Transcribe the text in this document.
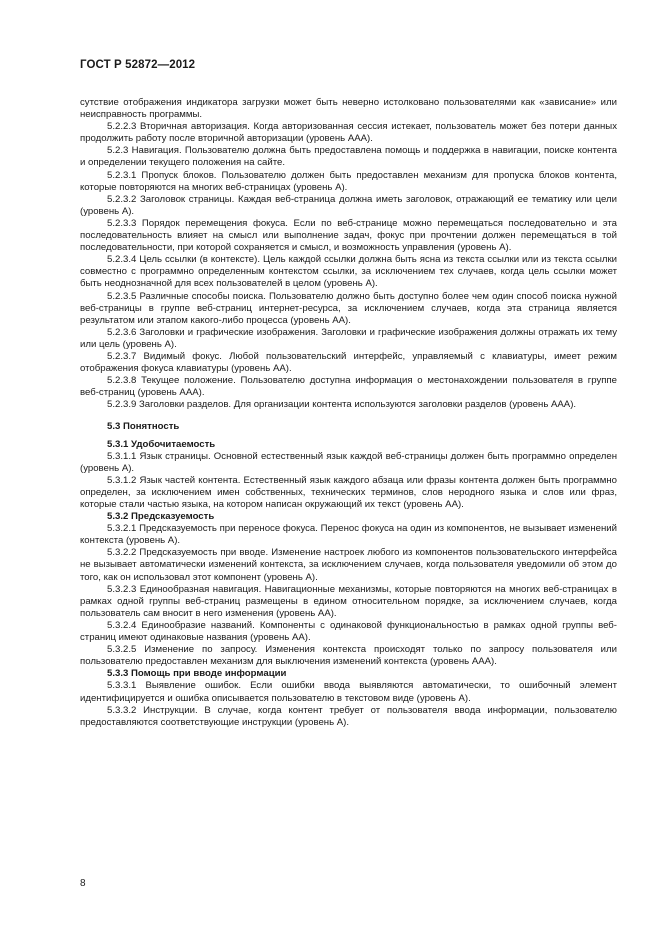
ГОСТ Р 52872—2012

сутствие отображения индикатора загрузки может быть неверно истолковано пользователями как «зависание» или неисправность программы.

5.2.2.3 Вторичная авторизация. Когда авторизованная сессия истекает, пользователь может без потери данных продолжить работу после вторичной авторизации (уровень ААА).

5.2.3 Навигация. Пользователю должна быть предоставлена помощь и поддержка в навигации, поиске контента и определении текущего положения на сайте.

5.2.3.1 Пропуск блоков. Пользователю должен быть предоставлен механизм для пропуска блоков контента, которые повторяются на многих веб-страницах (уровень А).

5.2.3.2 Заголовок страницы. Каждая веб-страница должна иметь заголовок, отражающий ее тематику или цели (уровень А).

5.2.3.3 Порядок перемещения фокуса. Если по веб-странице можно перемещаться последовательно и эта последовательность влияет на смысл или выполнение задач, фокус при прочтении должен перемещаться в той последовательности, при которой сохраняется и смысл, и возможность управления (уровень А).

5.2.3.4 Цель ссылки (в контексте). Цель каждой ссылки должна быть ясна из текста ссылки или из текста ссылки совместно с программно определенным контекстом ссылки, за исключением тех случаев, когда цель ссылки может быть неоднозначной для всех пользователей в целом (уровень А).

5.2.3.5 Различные способы поиска. Пользователю должно быть доступно более чем один способ поиска нужной веб-страницы в группе веб-страниц интернет-ресурса, за исключением случаев, когда эта страница является результатом или этапом какого-либо процесса (уровень АА).

5.2.3.6 Заголовки и графические изображения. Заголовки и графические изображения должны отражать их тему или цель (уровень А).

5.2.3.7 Видимый фокус. Любой пользовательский интерфейс, управляемый с клавиатуры, имеет режим отображения фокуса клавиатуры (уровень АА).

5.2.3.8 Текущее положение. Пользователю доступна информация о местонахождении пользователя в группе веб-страниц (уровень ААА).

5.2.3.9 Заголовки разделов. Для организации контента используются заголовки разделов (уровень ААА).

5.3 Понятность

5.3.1 Удобочитаемость

5.3.1.1 Язык страницы. Основной естественный язык каждой веб-страницы должен быть программно определен (уровень А).

5.3.1.2 Язык частей контента. Естественный язык каждого абзаца или фразы контента должен быть программно определен, за исключением имен собственных, технических терминов, слов неродного языка и слов или фраз, которые стали частью языка, на котором написан окружающий их текст (уровень АА).

5.3.2 Предсказуемость

5.3.2.1 Предсказуемость при переносе фокуса. Перенос фокуса на один из компонентов, не вызывает изменений контекста (уровень А).

5.3.2.2 Предсказуемость при вводе. Изменение настроек любого из компонентов пользовательского интерфейса не вызывает автоматически изменений контекста, за исключением случаев, когда пользователя уведомили об этом до того, как он использовал этот компонент (уровень А).

5.3.2.3 Единообразная навигация. Навигационные механизмы, которые повторяются на многих веб-страницах в рамках одной группы веб-страниц размещены в едином относительном порядке, за исключением случаев, когда пользователь сам вносит в него изменения (уровень АА).

5.3.2.4 Единообразие названий. Компоненты с одинаковой функциональностью в рамках одной группы веб-страниц имеют одинаковые названия (уровень АА).

5.3.2.5 Изменение по запросу. Изменения контекста происходят только по запросу пользователя или пользователю предоставлен механизм для выключения изменений контекста (уровень ААА).

5.3.3 Помощь при вводе информации

5.3.3.1 Выявление ошибок. Если ошибки ввода выявляются автоматически, то ошибочный элемент идентифицируется и ошибка описывается пользователю в текстовом виде (уровень А).

5.3.3.2 Инструкции. В случае, когда контент требует от пользователя ввода информации, пользователю предоставляются соответствующие инструкции (уровень А).

8
